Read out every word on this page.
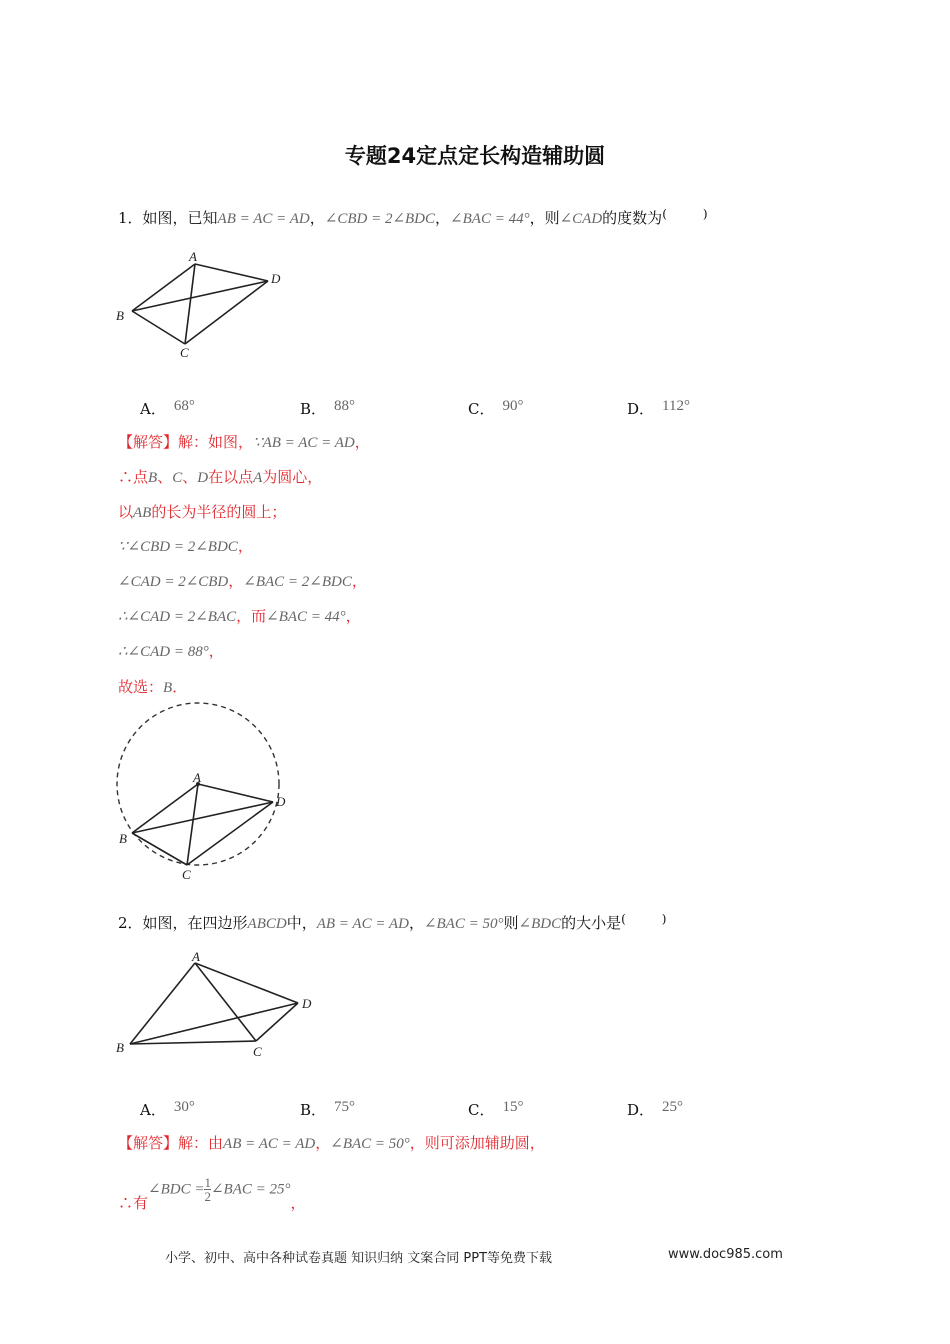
专题24定点定长构造辅助圆
1．如图，已知AB = AC = AD，∠CBD = 2∠BDC，∠BAC = 44°，则∠CAD的度数为(　　　)
A
B
C
D
A． 68°	B． 88°	C． 90°	D． 112°
【解答】解：如图，∵AB = AC = AD，
∴点B、C、D在以点A为圆心，
以AB的长为半径的圆上；
∵∠CBD = 2∠BDC，
∠CAD = 2∠CBD，∠BAC = 2∠BDC，
∴∠CAD = 2∠BAC，而∠BAC = 44°，
∴∠CAD = 88°，
故选：B．
A
B
C
D
2．如图，在四边形ABCD中，AB = AC = AD，∠BAC = 50°则∠BDC的大小是(　　　)
A
B	C
D
A． 30°	B． 75°	C． 15°	D． 25°
【解答】解：由AB = AC = AD，∠BAC = 50°，则可添加辅助圆，
∴有∠BDC = $\frac{1}{2}$ ∠BAC = 25°，
小学、初中、高中各种试卷真题 知识归纳 文案合同 PPT等免费下载	www.doc985.com
